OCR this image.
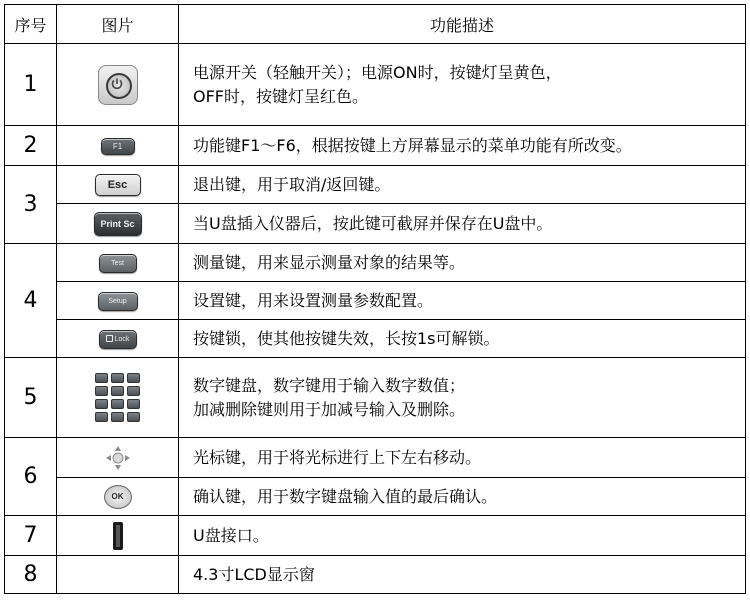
序号	图片	功能描述
1		电源开关（轻触开关）；电源ON时，按键灯呈黄色，
OFF时，按键灯呈红色。

2	F1	功能键F1～F6，根据按键上方屏幕显示的菜单功能有所改变。

3	Esc	退出键，用于取消/返回键。

	Print Sc	当U盘插入仪器后，按此键可截屏并保存在U盘中。

4	Test	测量键，用来显示测量对象的结果等。

	Setup	设置键，用来设置测量参数配置。

	Lock	按键锁，使其他按键失效，长按1s可解锁。

5		数字键盘，数字键用于输入数字数值；
加减删除键则用于加减号输入及删除。

6		光标键，用于将光标进行上下左右移动。

	OK	确认键，用于数字键盘输入值的最后确认。

7		U盘接口。

8		4.3寸LCD显示窗
